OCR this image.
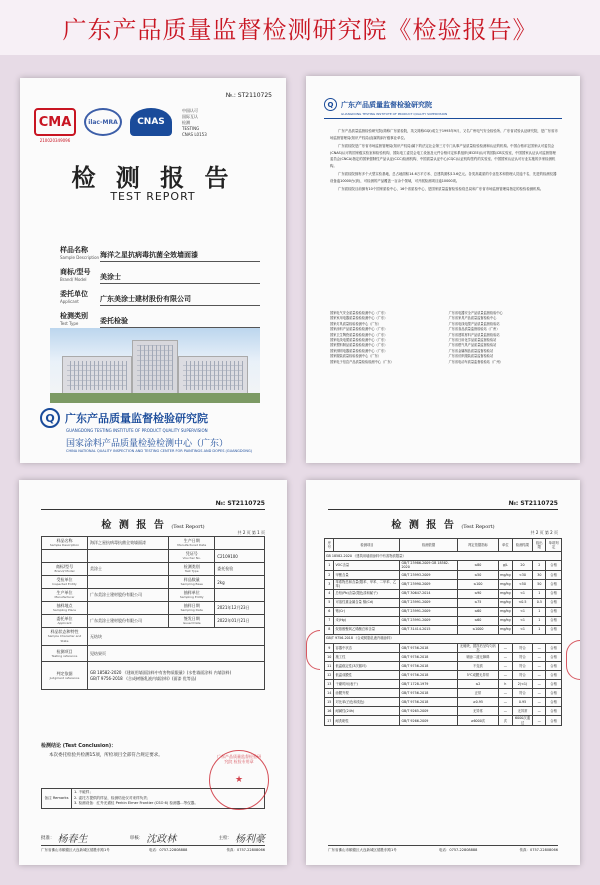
广东产品质量监督检测研究院《检验报告》
№.: ST2110725
CMA
210020349096
ilac-MRA	CNAS
中国认可
国际互认
检测
TESTING
CNAS L0153
检 测 报 告
TEST REPORT
样品名称
Sample Description 海洋之星抗病毒抗菌全效墙面漆
商标/型号
Brand/ Model	美涂士
委托单位
Applicant	广东美涂士建材股份有限公司
检测类别
Test Type	委托检验
Q 广东产品质量监督检验研究院
GUANGDONG TESTING INSTITUTE OF PRODUCT QUALITY SUPERVISION
国家涂料产品质量检验检测中心（广东）
CHINA NATIONAL QUALITY INSPECTION AND TESTING CENTER FOR PAINTINGS AND DOPES (GUANGDONG)
Q	广东产品质量监督检验研究院
GUANGDONG TESTING INSTITUTE OF PRODUCT QUALITY SUPERVISION

广东产品质量监督检验研究院(简称广东质检院，英文简称GQI)成立于1993年9月，又名广州电气安全检验所、广东省试验认证研究院，是广东省市场监督管理局(知识产权局)直属的副厅级事业单位。

广东质检院是广东省市场监督管理局(知识产权局)属下的法定社会第三方专门从事产品质量检验检测和认证的机构。中国合格评定国家认可委员会(CNAS)认可的国家级实验室和检验机构，国际电工委员会电工设备及元件合格评定体系组织(IECEE)认可的国际CB实验室，中国国家认证认可监督管理委员会(CNCA)指定的国家强制性产品认证(CCC)检测机构、中国质量认证中心(CQC)认证机构签约的实验室、中国国家认证认可行业实施的多家检测机构。

广东质检院拥有多个大型实验基地，总占地面积14.6万平方米、总建筑面积13.6亿元。各类高素质的专业技术和管理人员逾千名，先进的检测仪器设备逾10000台(套)，可检测的产品覆盖一百余个领域，可开展检测项目逾10000项。

广东质检院目前拥有10个国家质检中心、16个省质检中心，是国家质量监督检验检疫总局和广东省市场监督管理局指定的检验检测机构。

国家电气安全质量检验检测中心（广东）	广东省电器安全产品质量监督检验中心
国家家用电器质量检验检测中心（广东）	广东省家具产品质量监督检验中心
国家灯具质量检验检测中心（广东）	广东省电线电缆产品质量监督检验站
国家涂料产品质量检验检测中心（广东）	广东省食品质量监督检验站（广州）
国家卫生陶瓷质量检验检测中心（广东）	广东省建筑材料产品质量监督检验站
国家电线电缆质量检验检测中心（广东）	广东省日用化学品质量监督检验站
国家塑料制品质量检验检测中心（广东）	广东省燃气具产品质量监督检验站
国家照明电器质量检验检测中心（广东）	广东省金属制品质量监督检验站
国家服装质量检验检测中心（广东）	广东省纺织服装质量监督检验站
国家电子信息产品质量检验检测中心（广东）	广东省电动车质量监督检验站（广州）
№: ST2110725
检 测 报 告 (Test Report)
共 2 页 第 1 页
样品名称
Sample Description	海洋之星抗病毒抗菌全效墙面漆	生产日期
Manufactured Date	

		凭证号
Voucher No.	C2109100
商标/型号
Brand/ Model	美涂士	检测类别
Test Type	委托检验
受检单位
Inspected Entity		样品数量
Sampling Base	2kg
生产单位
Manufacturer	广东美涂士建材股份有限公司	抽样单位
Sampling Entity	

抽样地点
Sampling Place		抽样日期
Sampling Date	2021年12月23日
委托单位
Applicant	广东美涂士建材股份有限公司	签发日期
Issued Date	2022年01月21日
样品状态和特性
Sample Character and State	无结块		
检测项目
Testing reference	见结果页		
判定依据
Judgment reference	GB 18582-2020 《建筑用墙面涂料中有害物质限量》(水性墙面涂料 内墙涂料)
GB/T 9756-2018 《合成树脂乳液内墙涂料》(面漆 优等品)		
检测结论 (Test Conclusion)：

本次委托检验共检测15项，所检项目全部符合规定要求。

备注 Remarks	
1. 不破样；
2. 委托方提供的样品，检测结论仅对来样负责；
3. 检测设备：红外光谱仪 Perkin Elmer Frontier (CSO 6) 检测器...等仪器。
批准： 杨春生	审核： 沈政林	主检： 杨利豪
广东产品质量监督检验研究院 检验专用章
★
广东省佛山市顺德区大良新城区德胜东路1号	电话：0757-22808888	传真：0757-22808066
№: ST2110725
检 测 报 告 (Test Report)
共 2 页 第 2 页
序号	检测项目	检测依据	判定依据指标	单位	检测结果	检出限	单项判定
GB 18582-2020 《建筑用墙面涂料中有害物质限量》							
1	VOC含量	GB/T 23986-2009 GB 18582-2020	≤80	g/L	20	2	合格
2	甲醛含量	GB/T 23993-2009	≤50	mg/kg	<30	30	合格
3	苯系物总和含量(限苯、甲苯、二甲苯、乙苯)	GB/T 23990-2009	≤100	mg/kg	<50	50	合格
4	总铅(Pb)含量(限色漆和腻子)	GB/T 30647-2014	≤90	mg/kg	<1	1	合格
5	可溶性重金属含量 镉(Cd)	GB/T 23991-2009	≤75	mg/kg	<0.5	0.5	合格
6	铬(Cr)	GB/T 23991-2009	≤60	mg/kg	<1	1	合格
7	汞(Hg)	GB/T 23991-2009	≤60	mg/kg	<1	1	合格
8	烷基酚聚氧乙烯醚总和含量	GB/T 31414-2015	≤1000	mg/kg	<1	1	合格
GB/T 9756-2018 《合成树脂乳液内墙涂料》							
9	容器中状态	GB/T 9756-2018	无硬块，搅拌后呈均匀状态	—	符合	—	合格
10	施工性	GB/T 9756-2018	刷涂二道无障碍	—	符合	—	合格
11	低温稳定性(3次循环)	GB/T 9756-2018	不变质	—	符合	—	合格
12	低温成膜性	GB/T 9756-2018	5℃成膜无异常	—	符合	—	合格
13	干燥时间(表干)	GB/T 1728-1979	≤2	h	2(<1)	—	合格
14	涂膜外观	GB/T 9756-2018	正常	—	符合	—	合格
15	对比率(白色和浅色)	GB/T 9756-2018	≥0.95	—	0.95	—	合格
16	耐碱性(24h)	GB/T 9265-2009	无异常	—	无异常	—	合格
17	耐洗刷性	GB/T 9266-2009	≥6000次	次	6000次通过	—	合格
广东省佛山市顺德区大良新城区德胜东路1号	电话：0757-22808888	传真：0757-22808066
